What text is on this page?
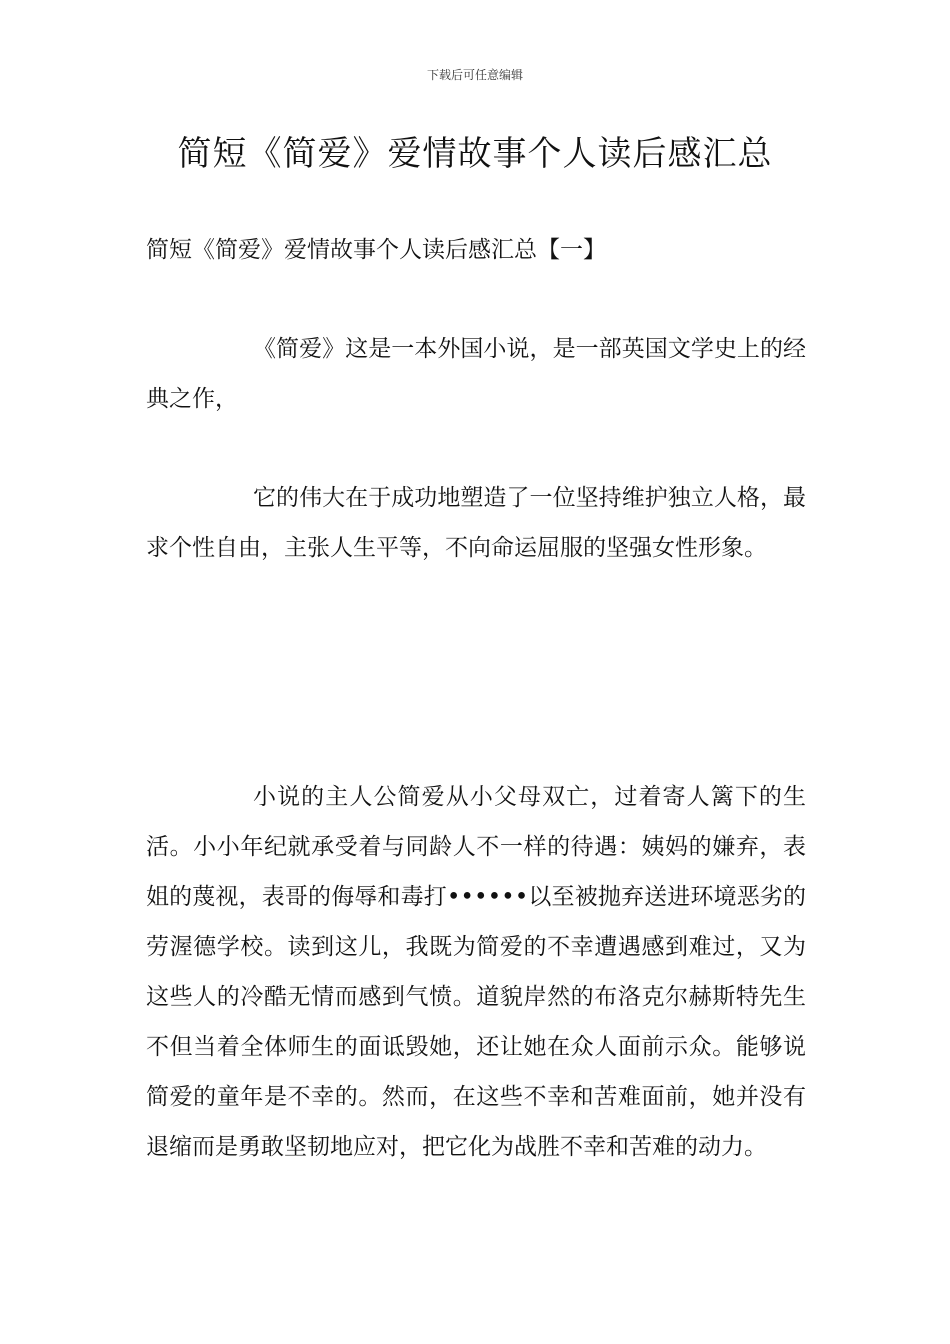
下载后可任意编辑
简短《简爱》爱情故事个人读后感汇总
简短《简爱》爱情故事个人读后感汇总【一】

《简爱》这是一本外国小说，是一部英国文学史上的经典之作，

它的伟大在于成功地塑造了一位坚持维护独立人格，最求个性自由，主张人生平等，不向命运屈服的坚强女性形象。

小说的主人公简爱从小父母双亡，过着寄人篱下的生活。小小年纪就承受着与同龄人不一样的待遇：姨妈的嫌弃，表姐的蔑视，表哥的侮辱和毒打••••••以至被抛弃送进环境恶劣的劳渥德学校。读到这儿，我既为简爱的不幸遭遇感到难过，又为这些人的冷酷无情而感到气愤。道貌岸然的布洛克尔赫斯特先生不但当着全体师生的面诋毁她，还让她在众人面前示众。能够说简爱的童年是不幸的。然而，在这些不幸和苦难面前，她并没有退缩而是勇敢坚韧地应对，把它化为战胜不幸和苦难的动力。
